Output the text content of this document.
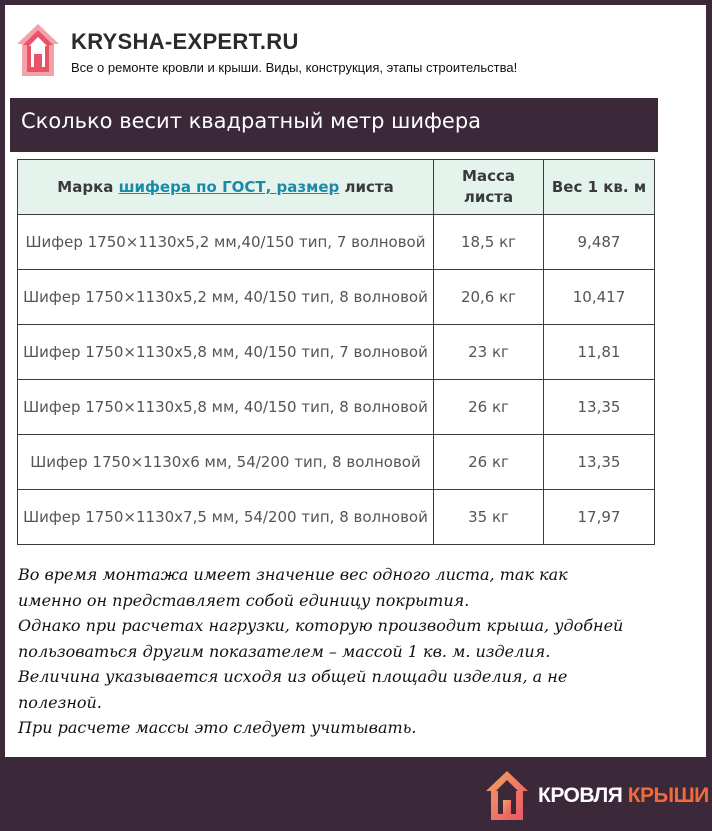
KRYSHA-EXPERT.RU
Все о ремонте кровли и крыши. Виды, конструкция, этапы строительства!
Сколько весит квадратный метр шифера
Марка шифера по ГОСТ, размер листа	Масса листа	Вес 1 кв. м
Шифер 1750×1130х5,2 мм,40/150 тип, 7 волновой	18,5 кг	9,487
Шифер 1750×1130х5,2 мм, 40/150 тип, 8 волновой	20,6 кг	10,417
Шифер 1750×1130х5,8 мм, 40/150 тип, 7 волновой	23 кг	11,81
Шифер 1750×1130х5,8 мм, 40/150 тип, 8 волновой	26 кг	13,35
Шифер 1750×1130х6 мм, 54/200 тип, 8 волновой	26 кг	13,35
Шифер 1750×1130х7,5 мм, 54/200 тип, 8 волновой	35 кг	17,97

Во время монтажа имеет значение вес одного листа, так как

именно он представляет собой единицу покрытия.

Однако при расчетах нагрузки, которую производит крыша, удобней

пользоваться другим показателем – массой 1 кв. м. изделия.

Величина указывается исходя из общей площади изделия, а не

полезной.

При расчете массы это следует учитывать.

КРОВЛЯ КРЫШИ
